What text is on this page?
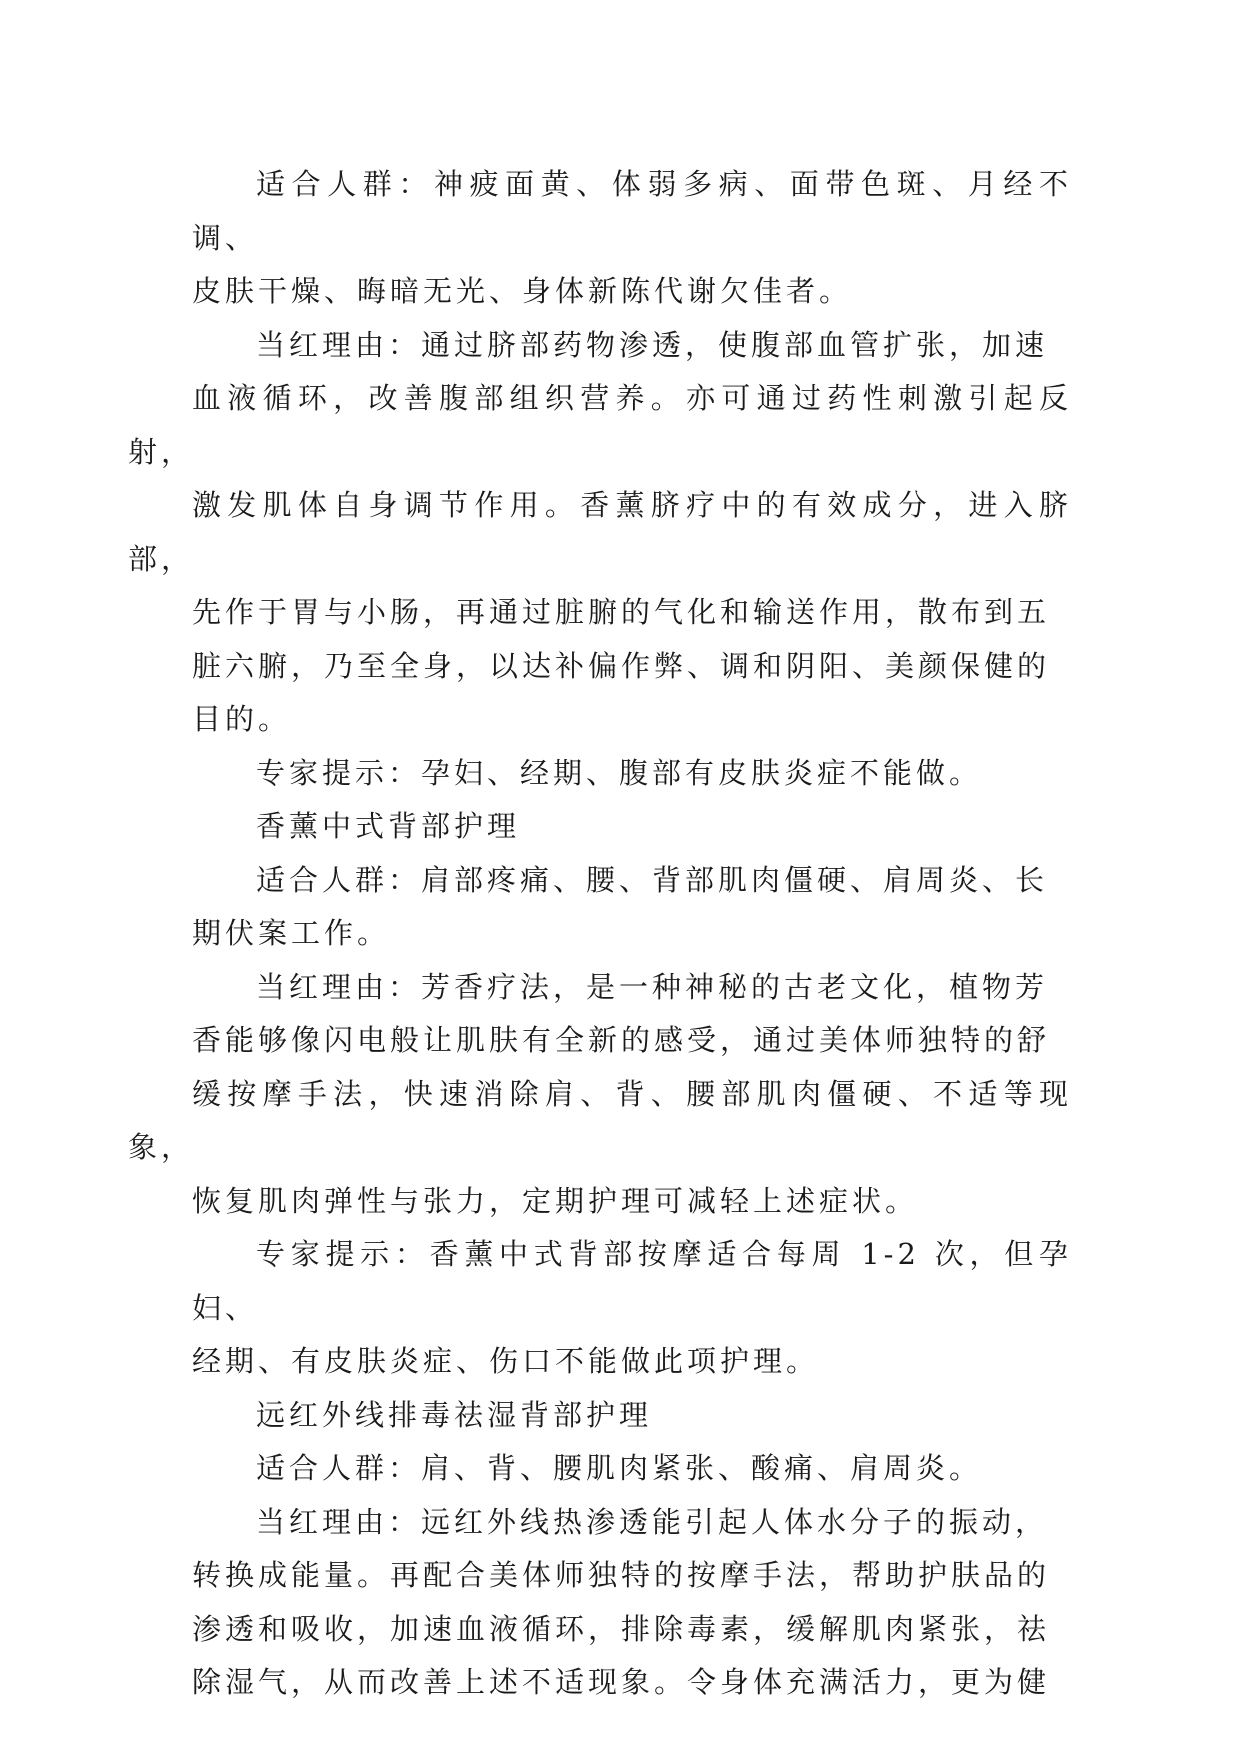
适合人群：神疲面黄、体弱多病、面带色斑、月经不调、
皮肤干燥、晦暗无光、身体新陈代谢欠佳者。

当红理由：通过脐部药物渗透，使腹部血管扩张，加速
血液循环，改善腹部组织营养。亦可通过药性刺激引起反射，
激发肌体自身调节作用。香薰脐疗中的有效成分，进入脐部，
先作于胃与小肠，再通过脏腑的气化和输送作用，散布到五
脏六腑，乃至全身，以达补偏作弊、调和阴阳、美颜保健的
目的。

专家提示：孕妇、经期、腹部有皮肤炎症不能做。

香薰中式背部护理

适合人群：肩部疼痛、腰、背部肌肉僵硬、肩周炎、长
期伏案工作。

当红理由：芳香疗法，是一种神秘的古老文化，植物芳
香能够像闪电般让肌肤有全新的感受，通过美体师独特的舒
缓按摩手法，快速消除肩、背、腰部肌肉僵硬、不适等现象，
恢复肌肉弹性与张力，定期护理可减轻上述症状。

专家提示：香薰中式背部按摩适合每周 1-2 次，但孕妇、
经期、有皮肤炎症、伤口不能做此项护理。

远红外线排毒祛湿背部护理

适合人群：肩、背、腰肌肉紧张、酸痛、肩周炎。

当红理由：远红外线热渗透能引起人体水分子的振动，
转换成能量。再配合美体师独特的按摩手法，帮助护肤品的
渗透和吸收，加速血液循环，排除毒素，缓解肌肉紧张，祛
除湿气，从而改善上述不适现象。令身体充满活力，更为健
